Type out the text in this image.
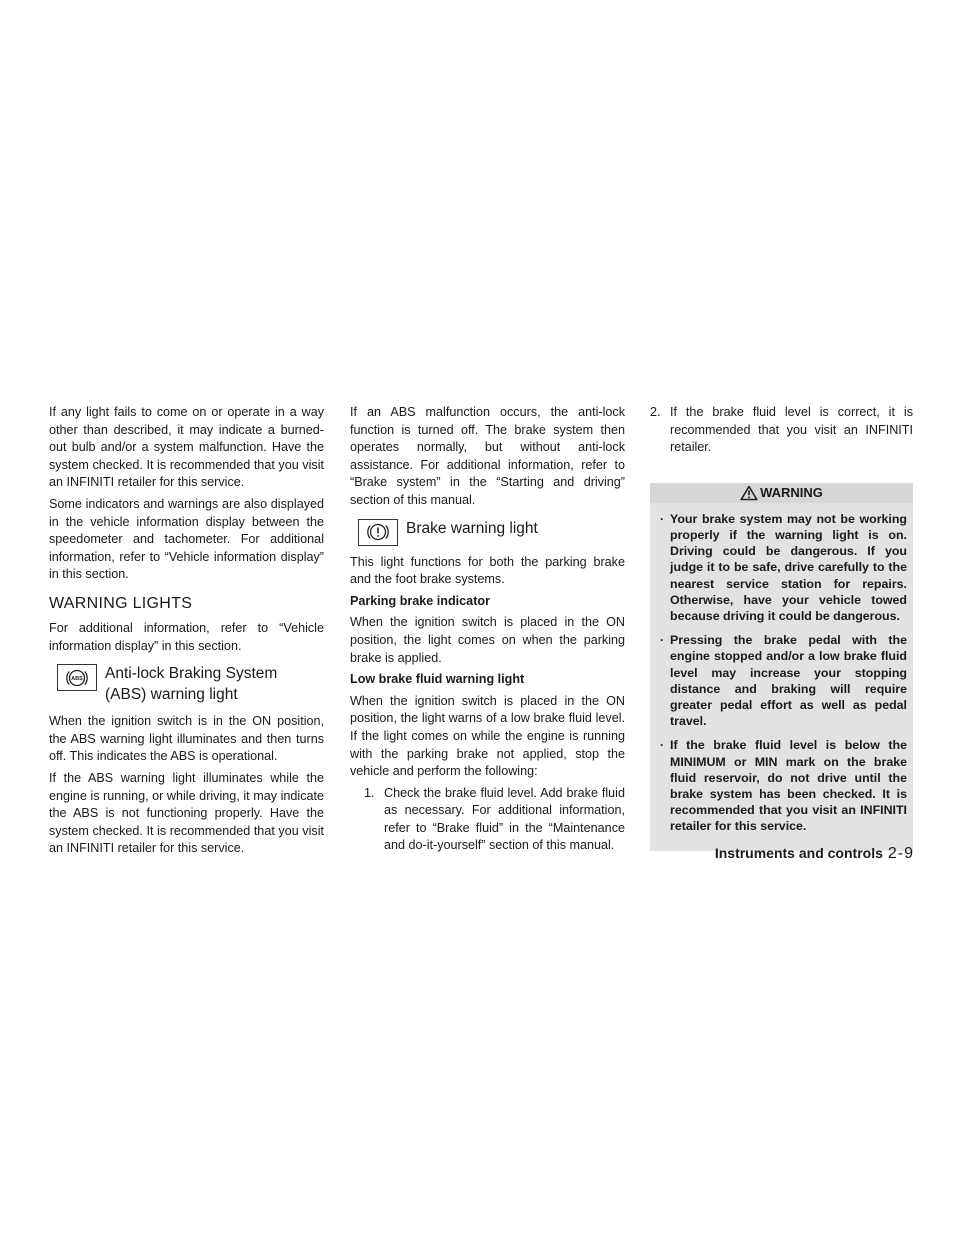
If any light fails to come on or operate in a way other than described, it may indicate a burned-out bulb and/or a system malfunction. Have the system checked. It is recommended that you visit an INFINITI retailer for this service.

Some indicators and warnings are also displayed in the vehicle information display between the speedometer and tachometer. For additional information, refer to “Vehicle information display” in this section.

WARNING LIGHTS

For additional information, refer to “Vehicle information display” in this section.

ABS Anti-lock Braking System
(ABS) warning light

When the ignition switch is in the ON position, the ABS warning light illuminates and then turns off. This indicates the ABS is operational.

If the ABS warning light illuminates while the engine is running, or while driving, it may indicate the ABS is not functioning properly. Have the system checked. It is recommended that you visit an INFINITI retailer for this service.

If an ABS malfunction occurs, the anti-lock function is turned off. The brake system then operates normally, but without anti-lock assistance. For additional information, refer to “Brake system” in the “Starting and driving” section of this manual.

Brake warning light

This light functions for both the parking brake and the foot brake systems.

Parking brake indicator

When the ignition switch is placed in the ON position, the light comes on when the parking brake is applied.

Low brake fluid warning light

When the ignition switch is placed in the ON position, the light warns of a low brake fluid level. If the light comes on while the engine is running with the parking brake not applied, stop the vehicle and perform the following:

1. Check the brake fluid level. Add brake fluid as necessary. For additional information, refer to “Brake fluid” in the “Maintenance and do-it-yourself” section of this manual.
2. If the brake fluid level is correct, it is recommended that you visit an INFINITI retailer.
WARNING
· Your brake system may not be working properly if the warning light is on. Driving could be dangerous. If you judge it to be safe, drive carefully to the nearest service station for repairs. Otherwise, have your vehicle towed because driving it could be dangerous.
· Pressing the brake pedal with the engine stopped and/or a low brake fluid level may increase your stopping distance and braking will require greater pedal effort as well as pedal travel.
· If the brake fluid level is below the MINIMUM or MIN mark on the brake fluid reservoir, do not drive until the brake system has been checked. It is recommended that you visit an INFINITI retailer for this service.
Instruments and controls 2-9
